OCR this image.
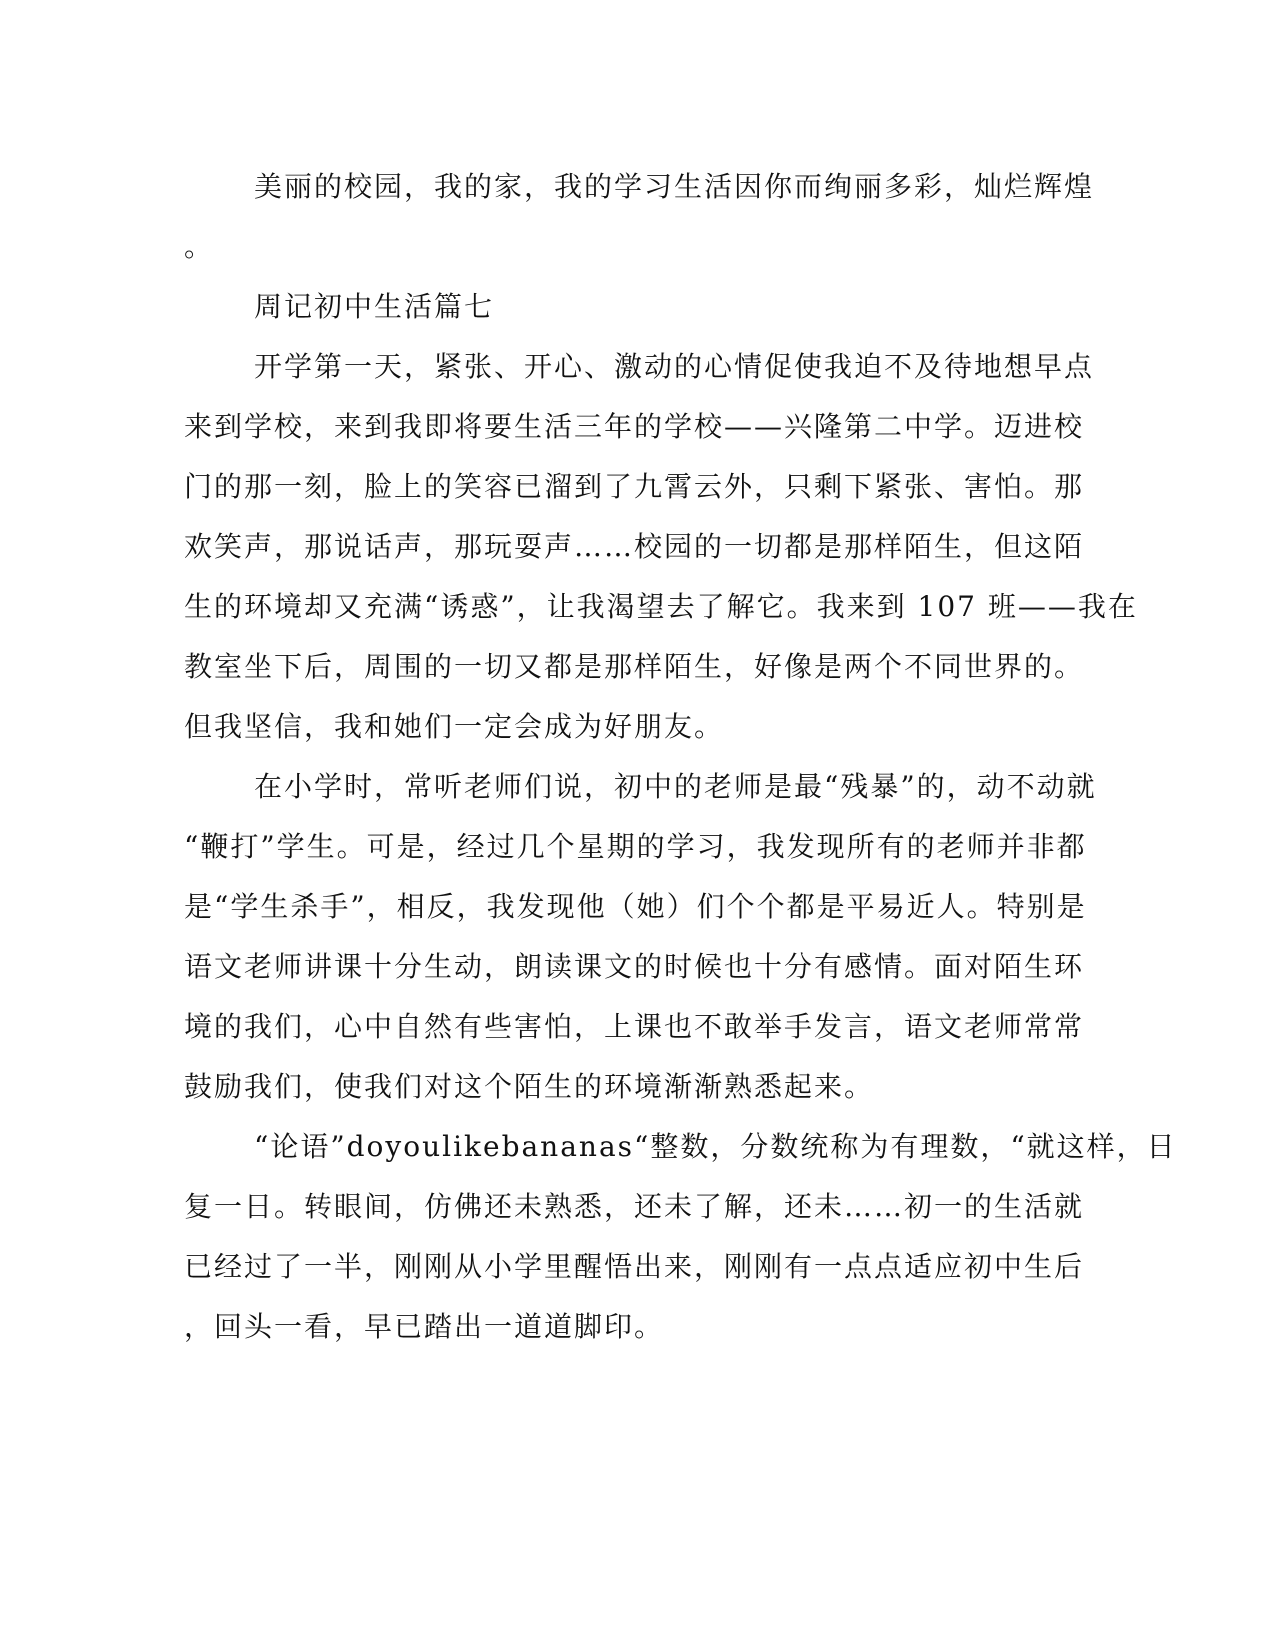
美丽的校园，我的家，我的学习生活因你而绚丽多彩，灿烂辉煌
。
周记初中生活篇七
开学第一天，紧张、开心、激动的心情促使我迫不及待地想早点
来到学校，来到我即将要生活三年的学校——兴隆第二中学。迈进校
门的那一刻，脸上的笑容已溜到了九霄云外，只剩下紧张、害怕。那
欢笑声，那说话声，那玩耍声……校园的一切都是那样陌生，但这陌
生的环境却又充满“诱惑”，让我渴望去了解它。我来到 107 班——我在
教室坐下后，周围的一切又都是那样陌生，好像是两个不同世界的。
但我坚信，我和她们一定会成为好朋友。
在小学时，常听老师们说，初中的老师是最“残暴”的，动不动就
“鞭打”学生。可是，经过几个星期的学习，我发现所有的老师并非都
是“学生杀手”，相反，我发现他（她）们个个都是平易近人。特别是
语文老师讲课十分生动，朗读课文的时候也十分有感情。面对陌生环
境的我们，心中自然有些害怕，上课也不敢举手发言，语文老师常常
鼓励我们，使我们对这个陌生的环境渐渐熟悉起来。
“论语”doyoulikebananas“整数，分数统称为有理数，“就这样，日
复一日。转眼间，仿佛还未熟悉，还未了解，还未……初一的生活就
已经过了一半，刚刚从小学里醒悟出来，刚刚有一点点适应初中生后
，回头一看，早已踏出一道道脚印。
